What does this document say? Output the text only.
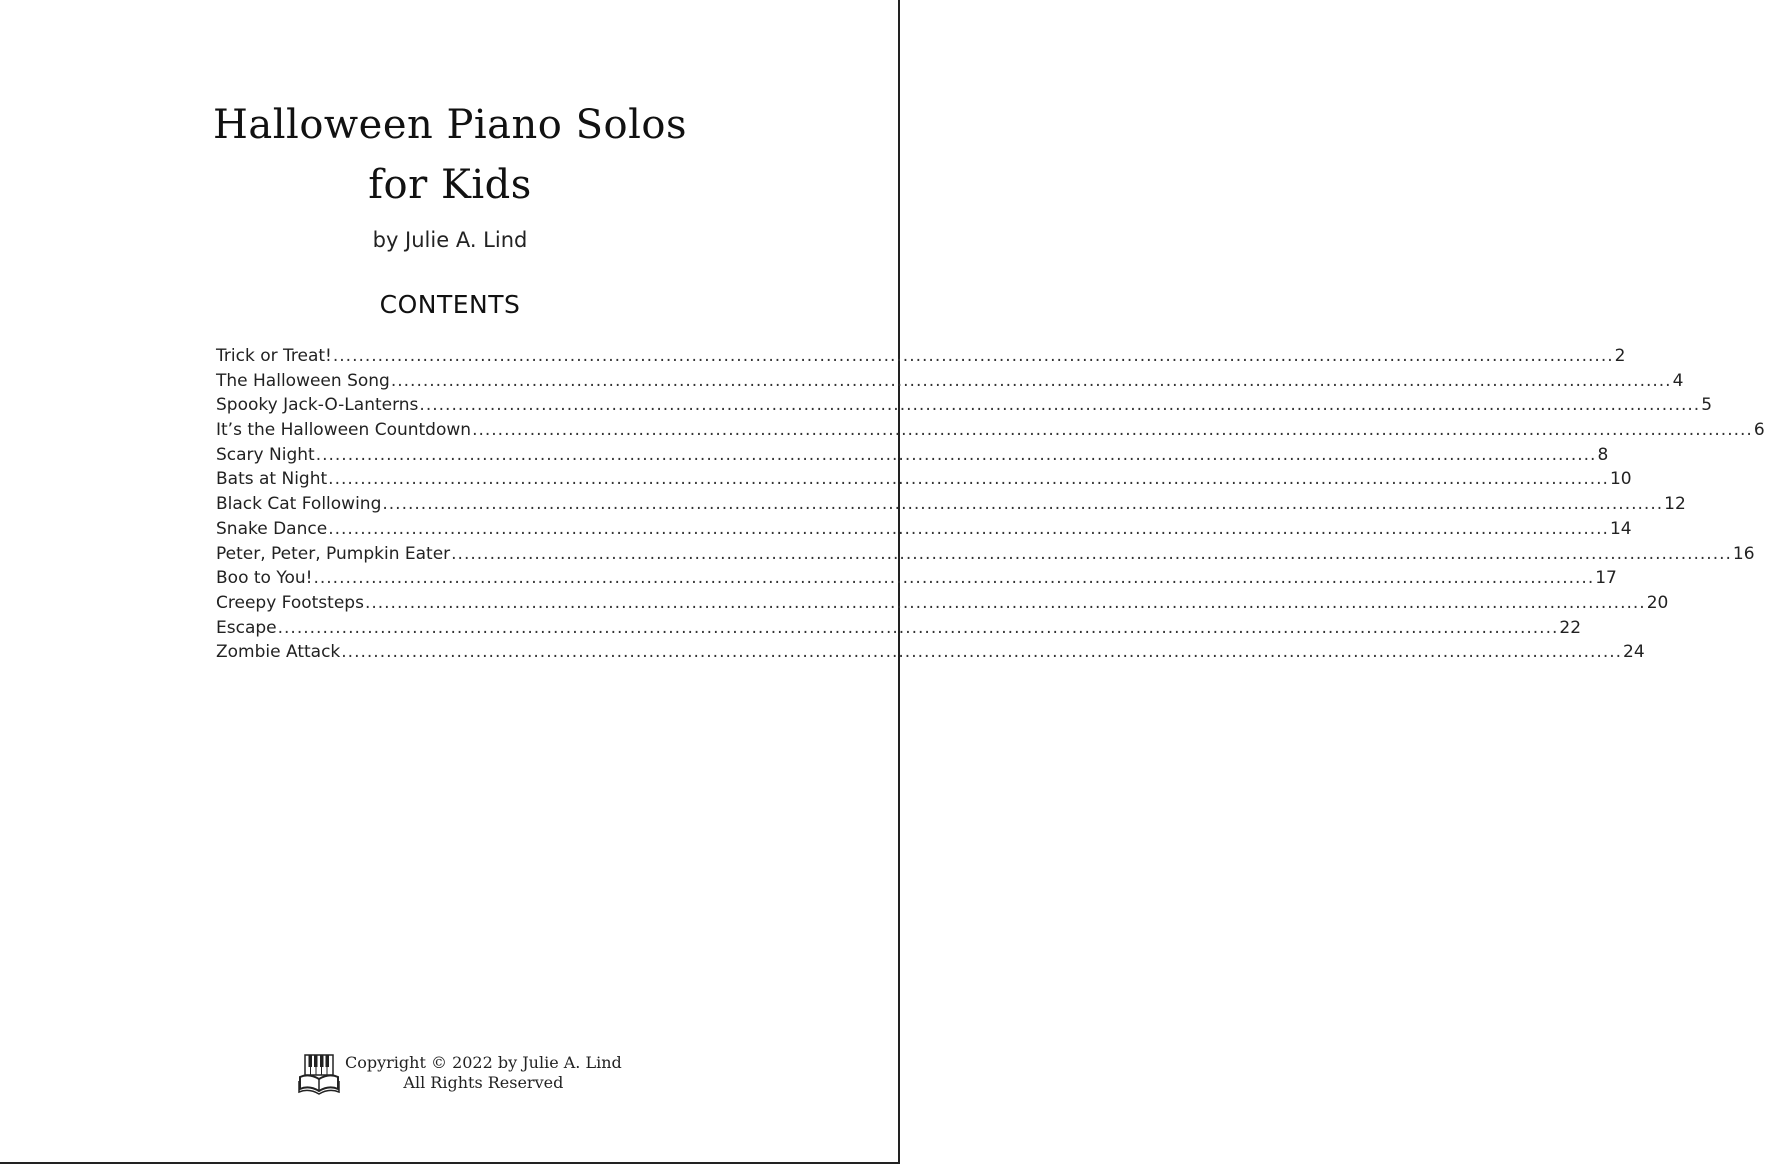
Halloween Piano Solos
for Kids
by Julie A. Lind
CONTENTS
Trick or Treat! ........................................................................................................................................................................................................ 2
The Halloween Song ........................................................................................................................................................................................................ 4
Spooky Jack-O-Lanterns ........................................................................................................................................................................................................ 5
It’s the Halloween Countdown ........................................................................................................................................................................................................ 6
Scary Night ........................................................................................................................................................................................................ 8
Bats at Night ........................................................................................................................................................................................................ 10
Black Cat Following ........................................................................................................................................................................................................ 12
Snake Dance ........................................................................................................................................................................................................ 14
Peter, Peter, Pumpkin Eater ........................................................................................................................................................................................................ 16
Boo to You! ........................................................................................................................................................................................................ 17
Creepy Footsteps ........................................................................................................................................................................................................ 20
Escape ........................................................................................................................................................................................................ 22
Zombie Attack ........................................................................................................................................................................................................ 24
Copyright © 2022 by Julie A. Lind
All Rights Reserved
